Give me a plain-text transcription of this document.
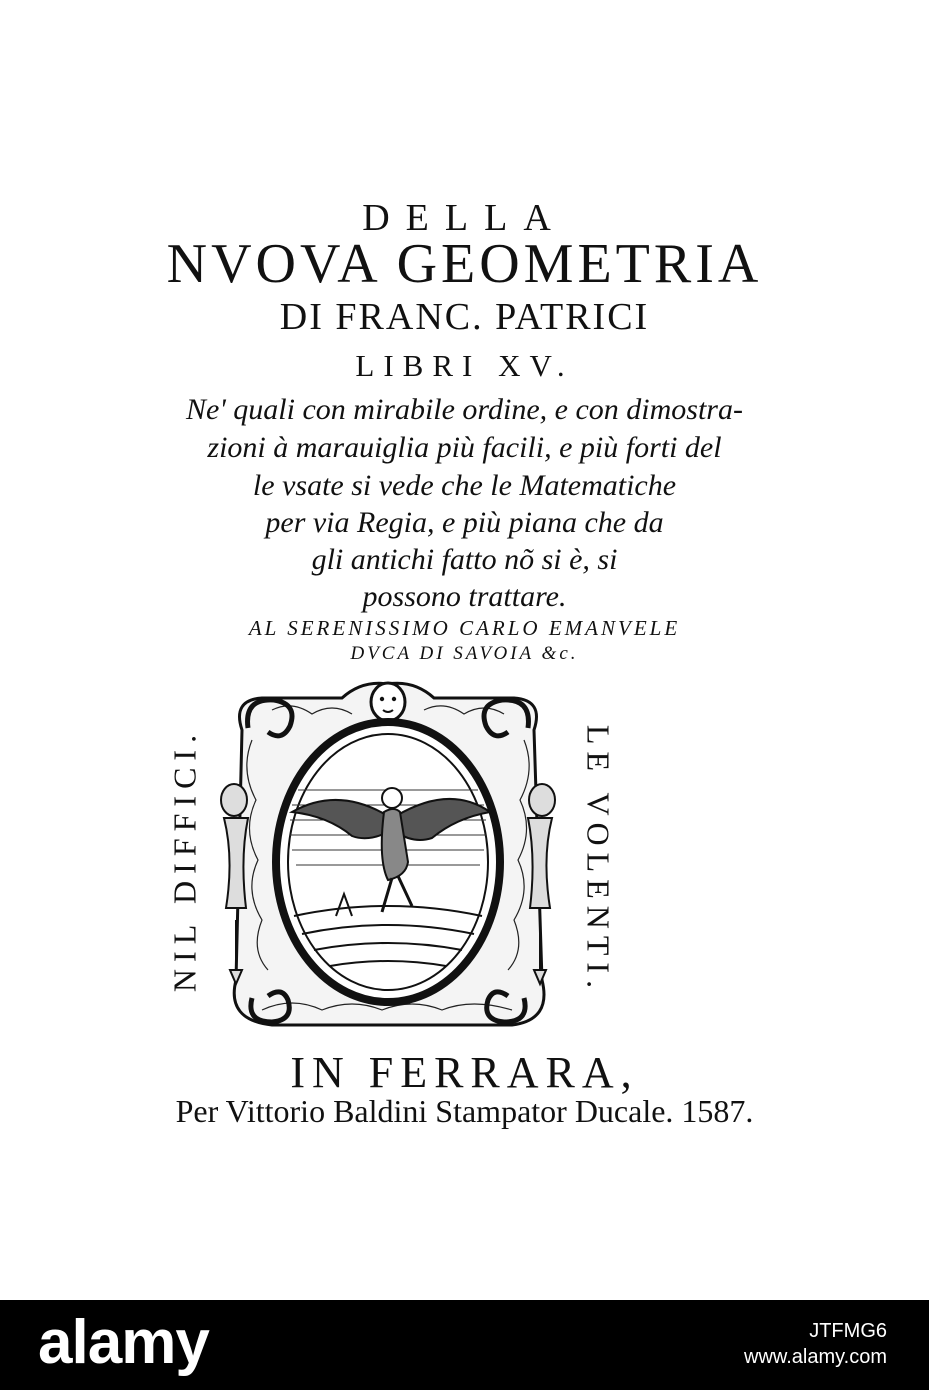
DELLA
NVOVA GEOMETRIA
DI FRANC. PATRICI
LIBRI XV.
Ne' quali con mirabile ordine, e con dimostra-
zioni à marauiglia più facili, e più forti del
le vsate si vede che le Matematiche
per via Regia, e più piana che da
gli antichi fatto nõ si è, si
possono trattare.
AL SERENISSIMO CARLO EMANVELE
DVCA DI SAVOIA &c.
NIL DIFFICI.	LE VOLENTI.
IN FERRARA,
Per Vittorio Baldini Stampator Ducale. 1587.
alamy	JTFMG6
www.alamy.com
